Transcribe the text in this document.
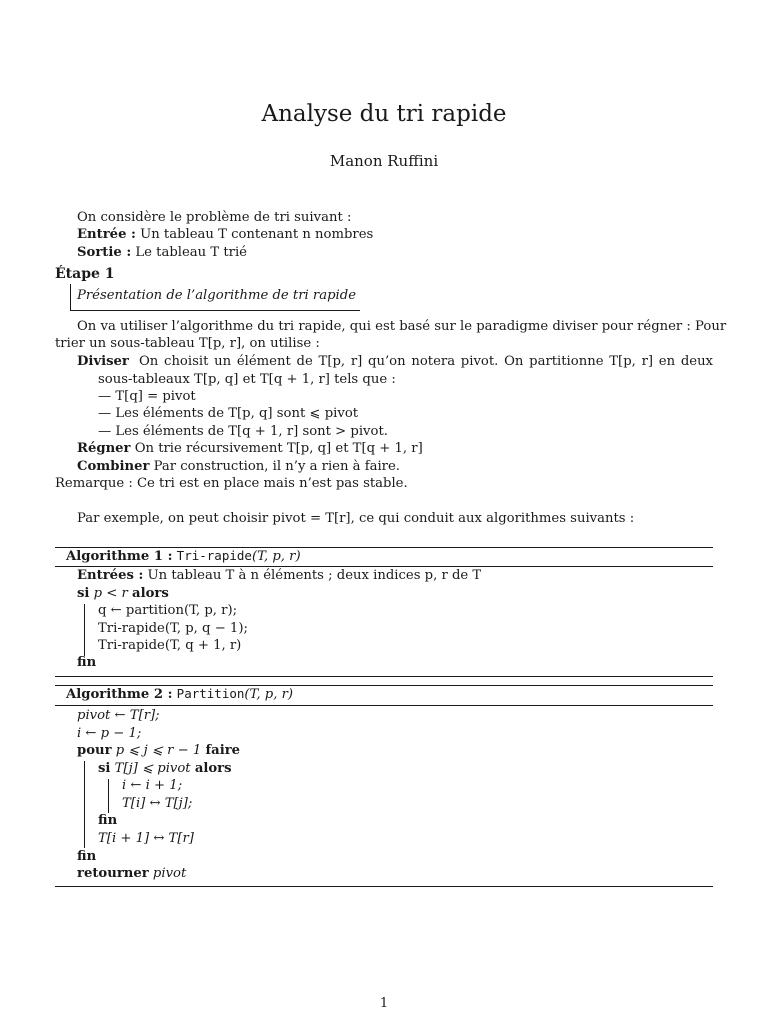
Analyse du tri rapide
Manon Ruffini
On considère le problème de tri suivant :
Entrée : Un tableau T contenant n nombres
Sortie : Le tableau T trié
Étape 1
Présentation de l’algorithme de tri rapide
On va utiliser l’algorithme du tri rapide, qui est basé sur le paradigme diviser pour régner : Pour
trier un sous-tableau T[p, r], on utilise :
Diviser On choisit un élément de T[p, r] qu’on notera pivot. On partitionne T[p, r] en deux
sous-tableaux T[p, q] et T[q + 1, r] tels que :
— T[q] = pivot
— Les éléments de T[p, q] sont ⩽ pivot
— Les éléments de T[q + 1, r] sont > pivot.
Régner On trie récursivement T[p, q] et T[q + 1, r]
Combiner Par construction, il n’y a rien à faire.
Remarque : Ce tri est en place mais n’est pas stable.
Par exemple, on peut choisir pivot = T[r], ce qui conduit aux algorithmes suivants :
Algorithme 1 : Tri-rapide(T, p, r)
Entrées : Un tableau T à n éléments ; deux indices p, r de T
si p < r alors
q ← partition(T, p, r);
Tri-rapide(T, p, q − 1);
Tri-rapide(T, q + 1, r)
fin
Algorithme 2 : Partition(T, p, r)
pivot ← T[r];
i ← p − 1;
pour p ⩽ j ⩽ r − 1 faire
si T[j] ⩽ pivot alors
i ← i + 1;
T[i] ↔ T[j];
fin
T[i + 1] ↔ T[r]
fin
retourner pivot
1
